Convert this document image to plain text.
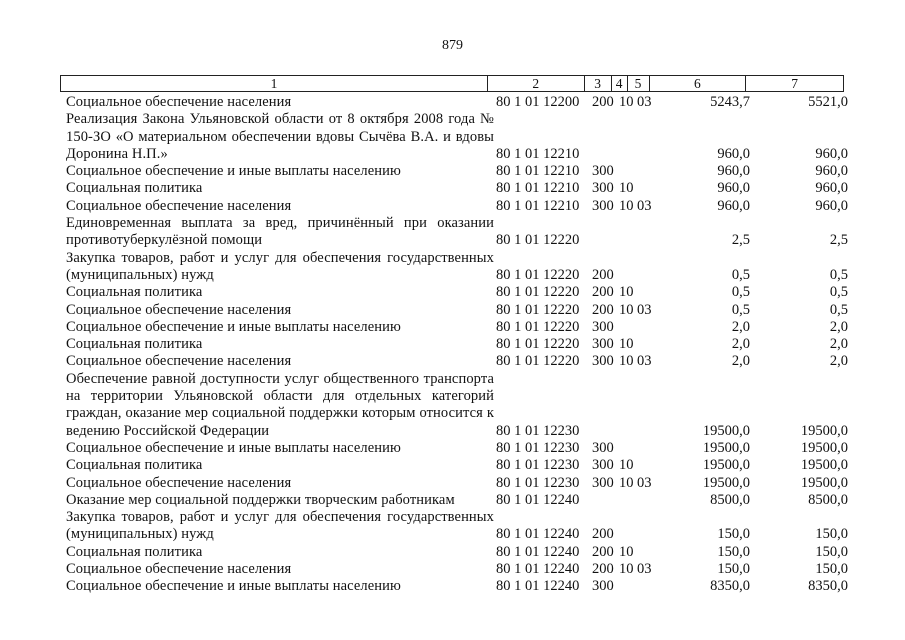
879
1	2	3	4 5	6	7
Социальное обеспечение населения	80 1 01 12200 200 10 03	5243,7	5521,0
Реализация Закона Ульяновской области от 8 октября 2008 года № 150-ЗО «О материальном обеспечении вдовы Сычёва В.А. и вдовы Доронина Н.П.»	80 1 01 12210	960,0	960,0
Социальное обеспечение и иные выплаты населению	80 1 01 12210 300	960,0	960,0
Социальная политика	80 1 01 12210 300 10	960,0	960,0
Социальное обеспечение населения	80 1 01 12210 300 10 03	960,0	960,0
Единовременная выплата за вред, причинённый при оказании противотуберкулёзной помощи	80 1 01 12220	2,5	2,5
Закупка товаров, работ и услуг для обеспечения государственных (муниципальных) нужд	80 1 01 12220 200	0,5	0,5
Социальная политика	80 1 01 12220 200 10	0,5	0,5
Социальное обеспечение населения	80 1 01 12220 200 10 03	0,5	0,5
Социальное обеспечение и иные выплаты населению	80 1 01 12220 300	2,0	2,0
Социальная политика	80 1 01 12220 300 10	2,0	2,0
Социальное обеспечение населения	80 1 01 12220 300 10 03	2,0	2,0
Обеспечение равной доступности услуг общественного транспорта на территории Ульяновской области для отдельных категорий граждан, оказание мер социальной поддержки которым относится к ведению Российской Федерации	80 1 01 12230	19500,0	19500,0
Социальное обеспечение и иные выплаты населению	80 1 01 12230 300	19500,0	19500,0
Социальная политика	80 1 01 12230 300 10	19500,0	19500,0
Социальное обеспечение населения	80 1 01 12230 300 10 03	19500,0	19500,0
Оказание мер социальной поддержки творческим работникам	80 1 01 12240	8500,0	8500,0
Закупка товаров, работ и услуг для обеспечения государственных (муниципальных) нужд	80 1 01 12240 200	150,0	150,0
Социальная политика	80 1 01 12240 200 10	150,0	150,0
Социальное обеспечение населения	80 1 01 12240 200 10 03	150,0	150,0
Социальное обеспечение и иные выплаты населению	80 1 01 12240 300	8350,0	8350,0
